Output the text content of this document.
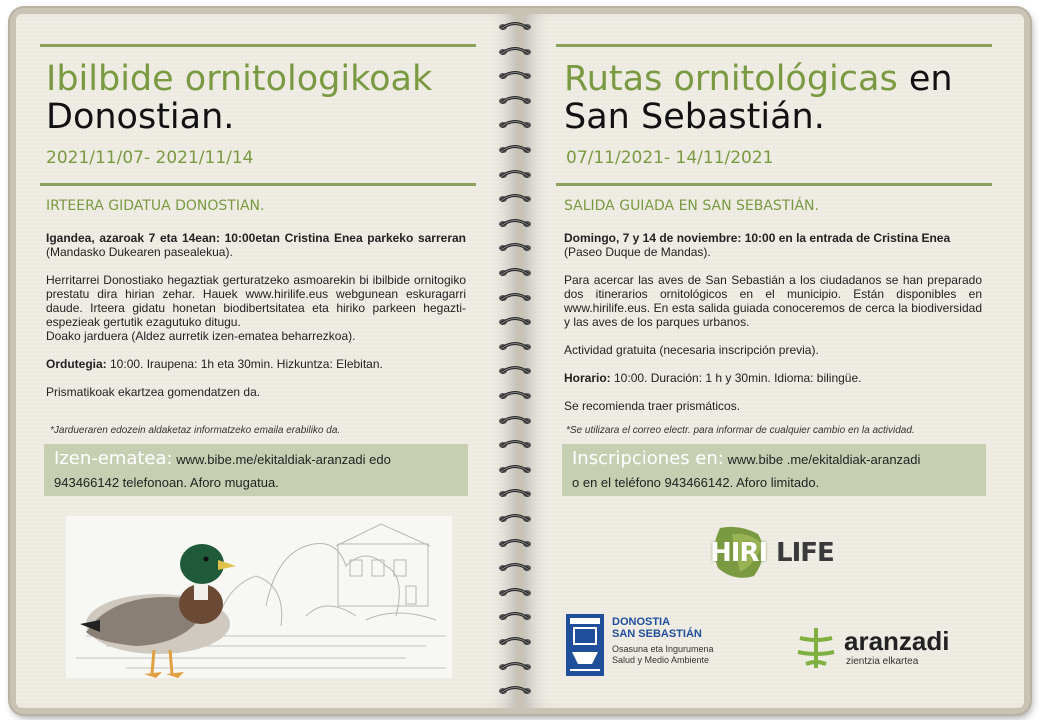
Ibilbide ornitologikoak
Donostian.
2021/11/07- 2021/11/14
IRTEERA GIDATUA DONOSTIAN.

Igandea, azaroak 7 eta 14ean: 10:00etan Cristina Enea parkeko sarreran (Mandasko Dukearen pasealekua).

Herritarrei Donostiako hegaztiak gerturatzeko asmoarekin bi ibilbide ornitogiko prestatu dira hirian zehar. Hauek www.hirilife.eus webgunean eskuragarri daude. Irteera gidatu honetan biodibertsitatea eta hiriko parkeen hegazti-espezieak gertutik ezagutuko ditugu.

Doako jarduera (Aldez aurretik izen-ematea beharrezkoa).

Ordutegia: 10:00. Iraupena: 1h eta 30min. Hizkuntza: Elebitan.

Prismatikoak ekartzea gomendatzen da.

*Jardueraren edozein aldaketaz informatzeko emaila erabiliko da.
Izen-ematea: www.bibe.me/ekitaldiak-aranzadi edo
943466142 telefonoan. Aforo mugatua.
Rutas ornitológicas en
San Sebastián.
07/11/2021- 14/11/2021
SALIDA GUIADA EN SAN SEBASTIÁN.

Domingo, 7 y 14 de noviembre: 10:00 en la entrada de Cristina Enea
(Paseo Duque de Mandas).

Para acercar las aves de San Sebastián a los ciudadanos se han preparado dos itinerarios ornitológicos en el municipio. Están disponibles en www.hirilife.eus. En esta salida guiada conoceremos de cerca la biodiversidad y las aves de los parques urbanos.

Actividad gratuita (necesaria inscripción previa).

Horario: 10:00. Duración: 1 h y 30min. Idioma: bilingüe.

Se recomienda traer prismáticos.

*Se utilizara el correo electr. para informar de cualquier cambio en la actividad.
Inscripciones en: www.bibe .me/ekitaldiak-aranzadi
o en el teléfono 943466142. Aforo limitado.
HIRI LIFE
DONOSTIA
SAN SEBASTIÁN
Osasuna eta Ingurumena
Salud y Medio Ambiente
aranzadi
zientzia elkartea
